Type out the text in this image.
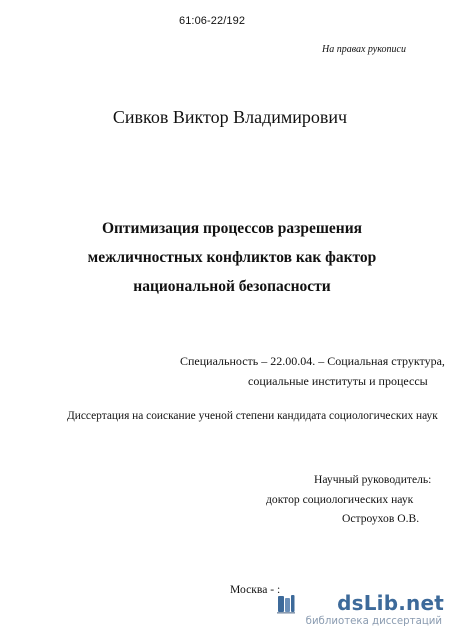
61:06-22/192
На правах рукописи
Сивков Виктор Владимирович
Оптимизация процессов разрешения
межличностных конфликтов как фактор
национальной безопасности
Специальность – 22.00.04. – Социальная структура,
социальные институты и процессы
Диссертация на соискание ученой степени кандидата социологических наук
Научный руководитель:
доктор социологических наук
Остроухов О.В.
Москва - :
dsLib.net
библиотека диссертаций
